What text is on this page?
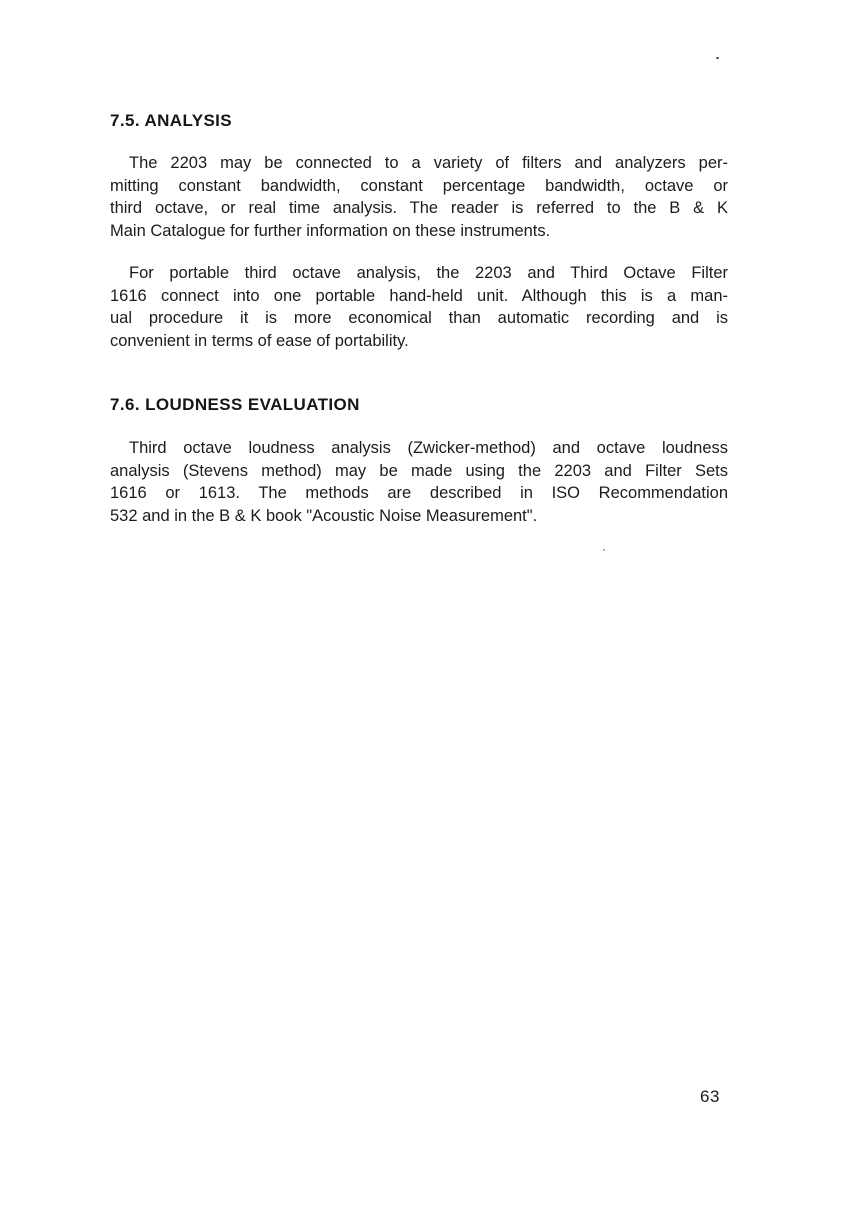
7.5. ANALYSIS
The 2203 may be connected to a variety of filters and analyzers per-
mitting constant bandwidth, constant percentage bandwidth, octave or
third octave, or real time analysis. The reader is referred to the B & K
Main Catalogue for further information on these instruments.
For portable third octave analysis, the 2203 and Third Octave Filter
1616 connect into one portable hand-held unit. Although this is a man-
ual procedure it is more economical than automatic recording and is
convenient in terms of ease of portability.
7.6. LOUDNESS EVALUATION
Third octave loudness analysis (Zwicker-method) and octave loudness
analysis (Stevens method) may be made using the 2203 and Filter Sets
1616 or 1613. The methods are described in ISO Recommendation
532 and in the B & K book "Acoustic Noise Measurement".
63
